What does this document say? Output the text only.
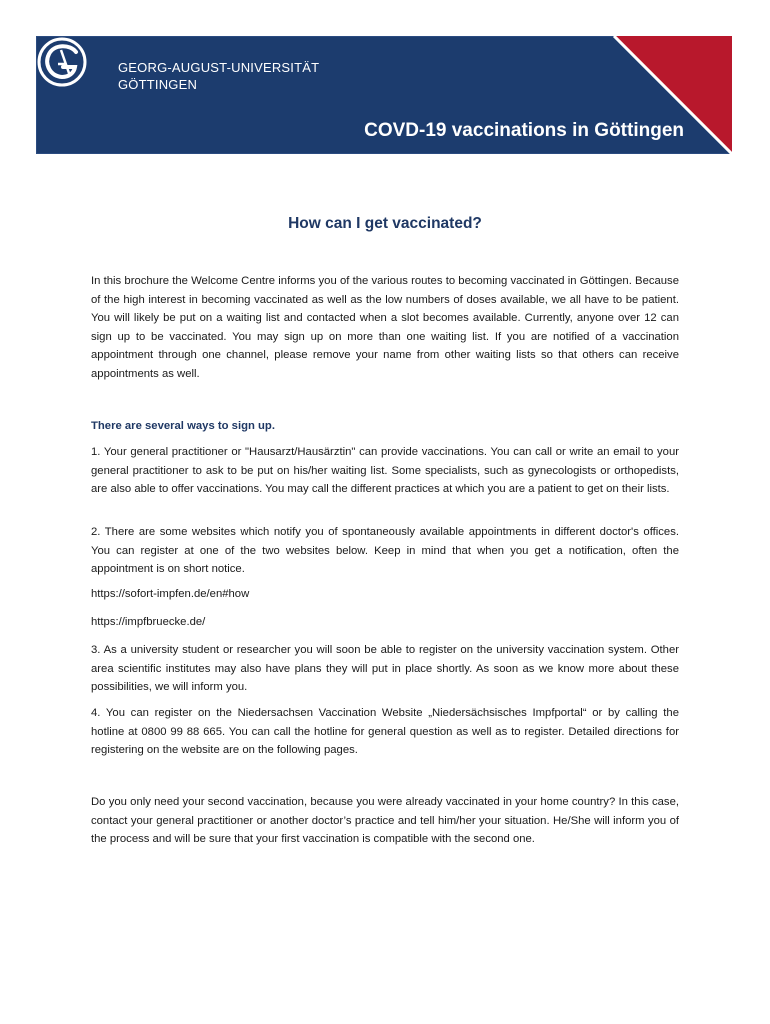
GEORG-AUGUST-UNIVERSITÄT
GÖTTINGEN
COVD-19 vaccinations in Göttingen
How can I get vaccinated?

In this brochure the Welcome Centre informs you of the various routes to becoming vaccinated in Göttingen. Because of the high interest in becoming vaccinated as well as the low numbers of doses available, we all have to be patient. You will likely be put on a waiting list and contacted when a slot becomes available. Currently, anyone over 12 can sign up to be vaccinated. You may sign up on more than one waiting list. If you are notified of a vaccination appointment through one channel, please remove your name from other waiting lists so that others can receive appointments as well.

There are several ways to sign up.

1. Your general practitioner or "Hausarzt/Hausärztin" can provide vaccinations. You can call or write an email to your general practitioner to ask to be put on his/her waiting list. Some specialists, such as gynecologists or orthopedists, are also able to offer vaccinations. You may call the different practices at which you are a patient to get on their lists.

2. There are some websites which notify you of spontaneously available appointments in different doctor's offices. You can register at one of the two websites below. Keep in mind that when you get a notification, often the appointment is on short notice.

https://sofort-impfen.de/en#how
https://impfbruecke.de/

3. As a university student or researcher you will soon be able to register on the university vaccination system. Other area scientific institutes may also have plans they will put in place shortly. As soon as we know more about these possibilities, we will inform you.

4. You can register on the Niedersachsen Vaccination Website „Niedersächsisches Impfportal“ or by calling the hotline at 0800 99 88 665. You can call the hotline for general question as well as to register. Detailed directions for registering on the website are on the following pages.

Do you only need your second vaccination, because you were already vaccinated in your home country? In this case, contact your general practitioner or another doctor’s practice and tell him/her your situation. He/She will inform you of the process and will be sure that your first vaccination is compatible with the second one.
